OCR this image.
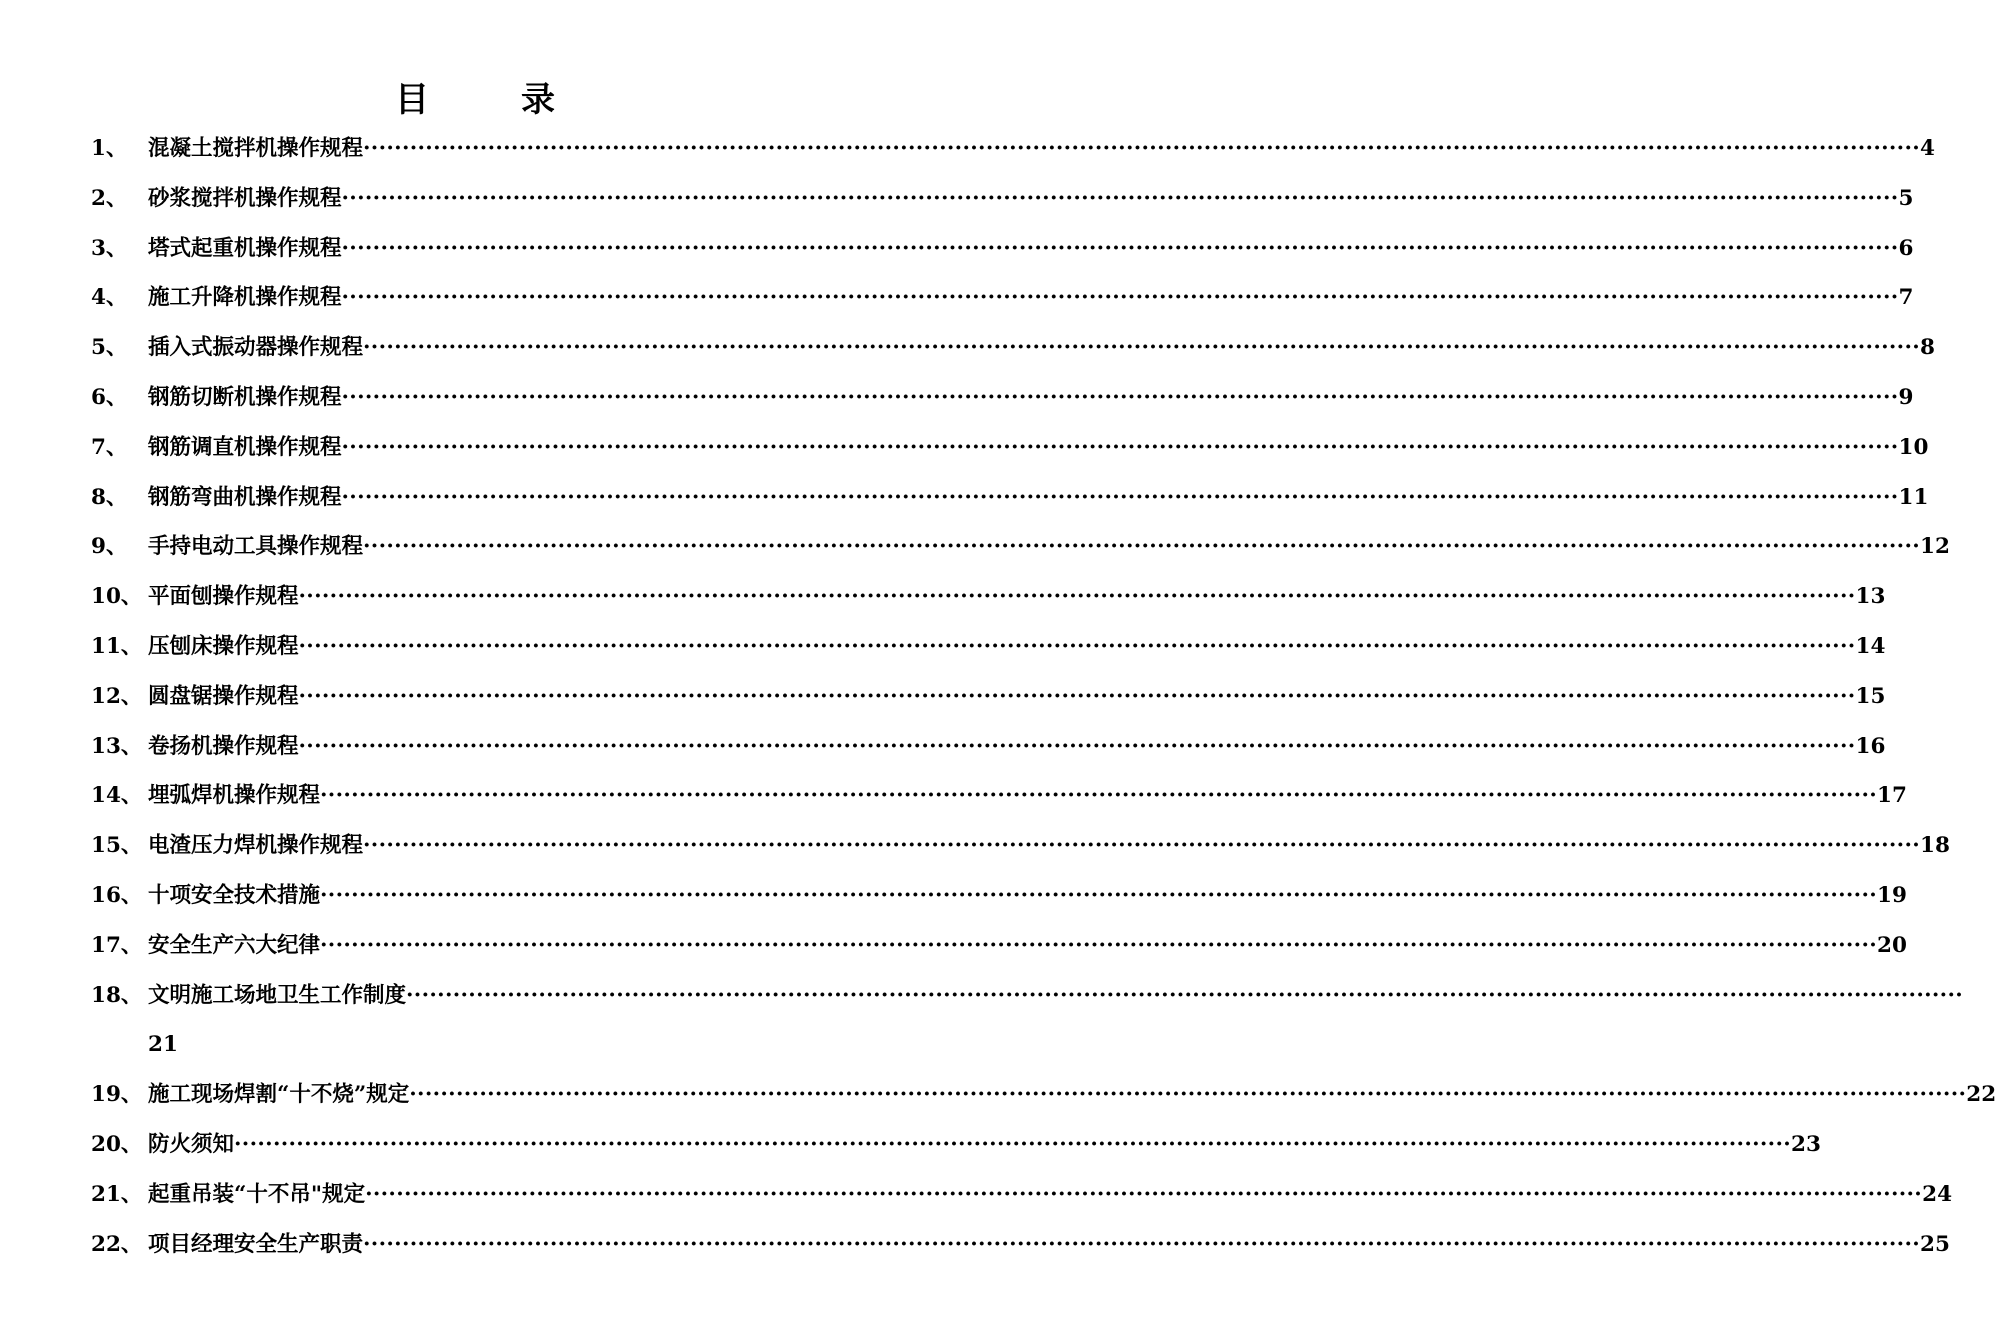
目	录
1、 混凝土搅拌机操作规程 ········································································································································································································ 4
2、 砂浆搅拌机操作规程 ········································································································································································································ 5
3、 塔式起重机操作规程 ········································································································································································································ 6
4、 施工升降机操作规程 ········································································································································································································ 7
5、 插入式振动器操作规程 ········································································································································································································ 8
6、 钢筋切断机操作规程 ········································································································································································································ 9
7、 钢筋调直机操作规程 ········································································································································································································ 10
8、 钢筋弯曲机操作规程 ········································································································································································································ 11
9、 手持电动工具操作规程 ········································································································································································································ 12
10、 平面刨操作规程 ········································································································································································································ 13
11、 压刨床操作规程 ········································································································································································································ 14
12、 圆盘锯操作规程 ········································································································································································································ 15
13、 卷扬机操作规程 ········································································································································································································ 16
14、 埋弧焊机操作规程 ········································································································································································································ 17
15、 电渣压力焊机操作规程 ········································································································································································································ 18
16、 十项安全技术措施 ········································································································································································································ 19
17、 安全生产六大纪律 ········································································································································································································ 20
18、 文明施工场地卫生工作制度 ········································································································································································································
21
19、 施工现场焊割“十不烧”规定 ········································································································································································································ 22
20、 防火须知 ········································································································································································································ 23
21、 起重吊装“十不吊"规定 ········································································································································································································ 24
22、 项目经理安全生产职责 ········································································································································································································ 25
